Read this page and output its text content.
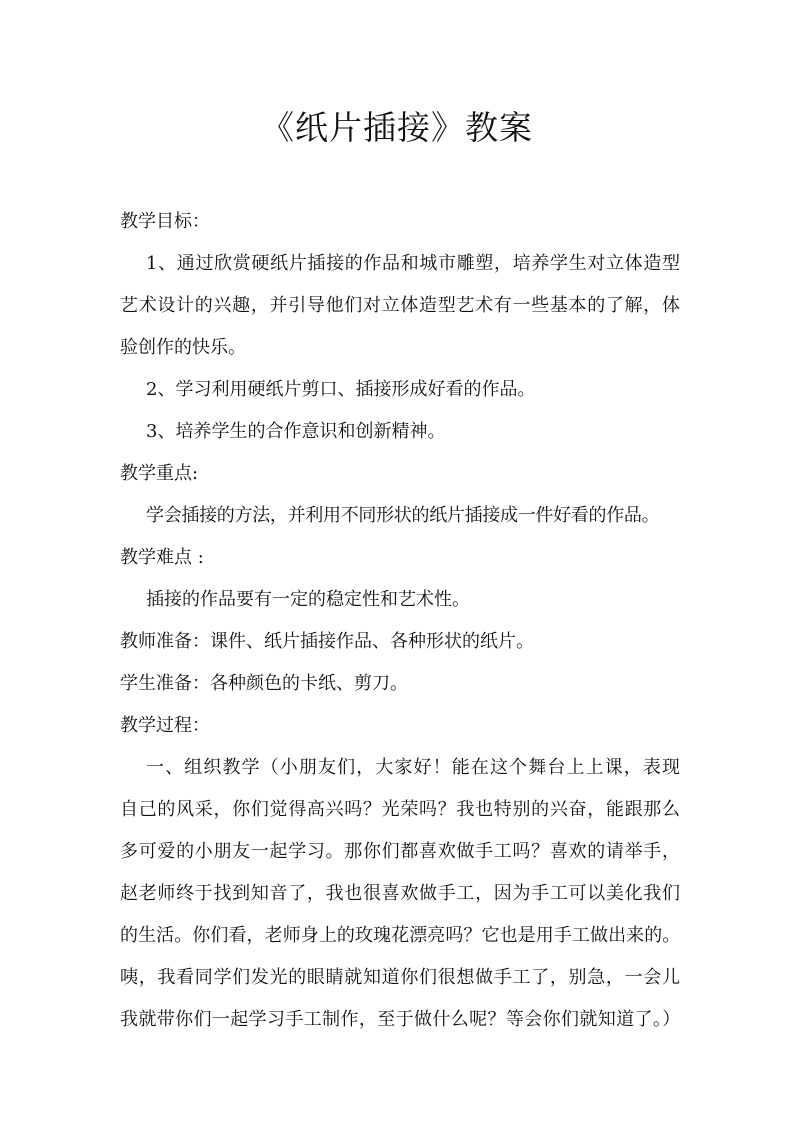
《纸片插接》教案
教学目标：
1、通过欣赏硬纸片插接的作品和城市雕塑，培养学生对立体造型
艺术设计的兴趣，并引导他们对立体造型艺术有一些基本的了解，体
验创作的快乐。
2、学习利用硬纸片剪口、插接形成好看的作品。
3、培养学生的合作意识和创新精神。
教学重点:
学会插接的方法，并利用不同形状的纸片插接成一件好看的作品。
教学难点 :
插接的作品要有一定的稳定性和艺术性。
教师准备：课件、纸片插接作品、各种形状的纸片。
学生准备：各种颜色的卡纸、剪刀。
教学过程：
一、组织教学（小朋友们，大家好！能在这个舞台上上课，表现
自己的风采，你们觉得高兴吗？光荣吗？我也特别的兴奋，能跟那么
多可爱的小朋友一起学习。那你们都喜欢做手工吗？喜欢的请举手，
赵老师终于找到知音了，我也很喜欢做手工，因为手工可以美化我们
的生活。你们看，老师身上的玫瑰花漂亮吗？它也是用手工做出来的。
咦，我看同学们发光的眼睛就知道你们很想做手工了，别急，一会儿
我就带你们一起学习手工制作，至于做什么呢？等会你们就知道了。）
